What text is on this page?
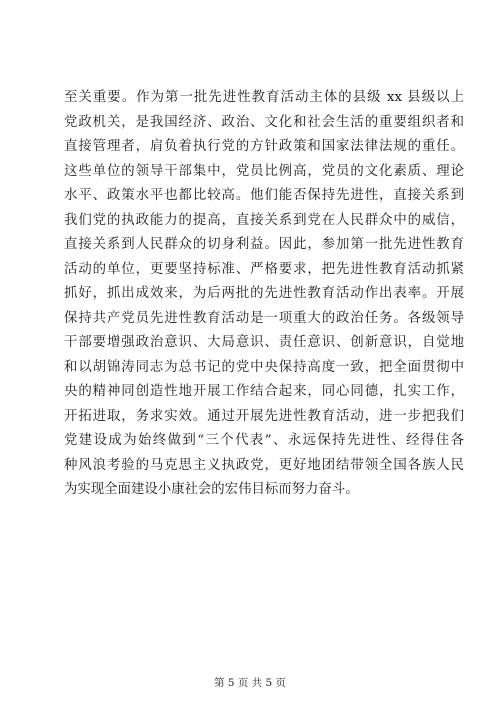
至关重要。作为第一批先进性教育活动主体的县级 xx 县级以上
党政机关，是我国经济、政治、文化和社会生活的重要组织者和
直接管理者，肩负着执行党的方针政策和国家法律法规的重任。
这些单位的领导干部集中，党员比例高，党员的文化素质、理论
水平、政策水平也都比较高。他们能否保持先进性，直接关系到
我们党的执政能力的提高，直接关系到党在人民群众中的威信，
直接关系到人民群众的切身利益。因此，参加第一批先进性教育
活动的单位，更要坚持标准、严格要求，把先进性教育活动抓紧
抓好，抓出成效来，为后两批的先进性教育活动作出表率。开展
保持共产党员先进性教育活动是一项重大的政治任务。各级领导
干部要增强政治意识、大局意识、责任意识、创新意识，自觉地
和以胡锦涛同志为总书记的党中央保持高度一致，把全面贯彻中
央的精神同创造性地开展工作结合起来，同心同德，扎实工作，
开拓进取，务求实效。通过开展先进性教育活动，进一步把我们
党建设成为始终做到“三个代表”、永远保持先进性、经得住各
种风浪考验的马克思主义执政党，更好地团结带领全国各族人民
为实现全面建设小康社会的宏伟目标而努力奋斗。
第 5 页 共 5 页
